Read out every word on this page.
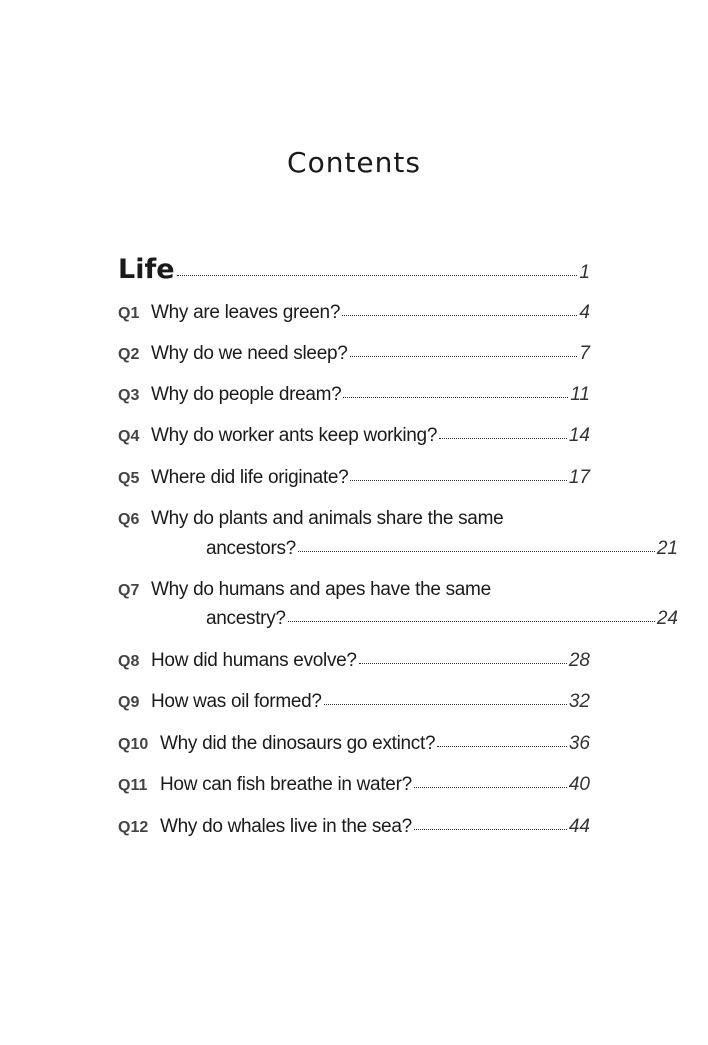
Contents
Life	1
Q1 Why are leaves green?	4
Q2 Why do we need sleep?	7
Q3 Why do people dream?	11
Q4 Why do worker ants keep working?	14
Q5 Where did life originate?	17
Q6 Why do plants and animals share the same
ancestors?	21
Q7 Why do humans and apes have the same
ancestry?	24
Q8 How did humans evolve?	28
Q9 How was oil formed?	32
Q10 Why did the dinosaurs go extinct?	36
Q11 How can fish breathe in water?	40
Q12 Why do whales live in the sea?	44
